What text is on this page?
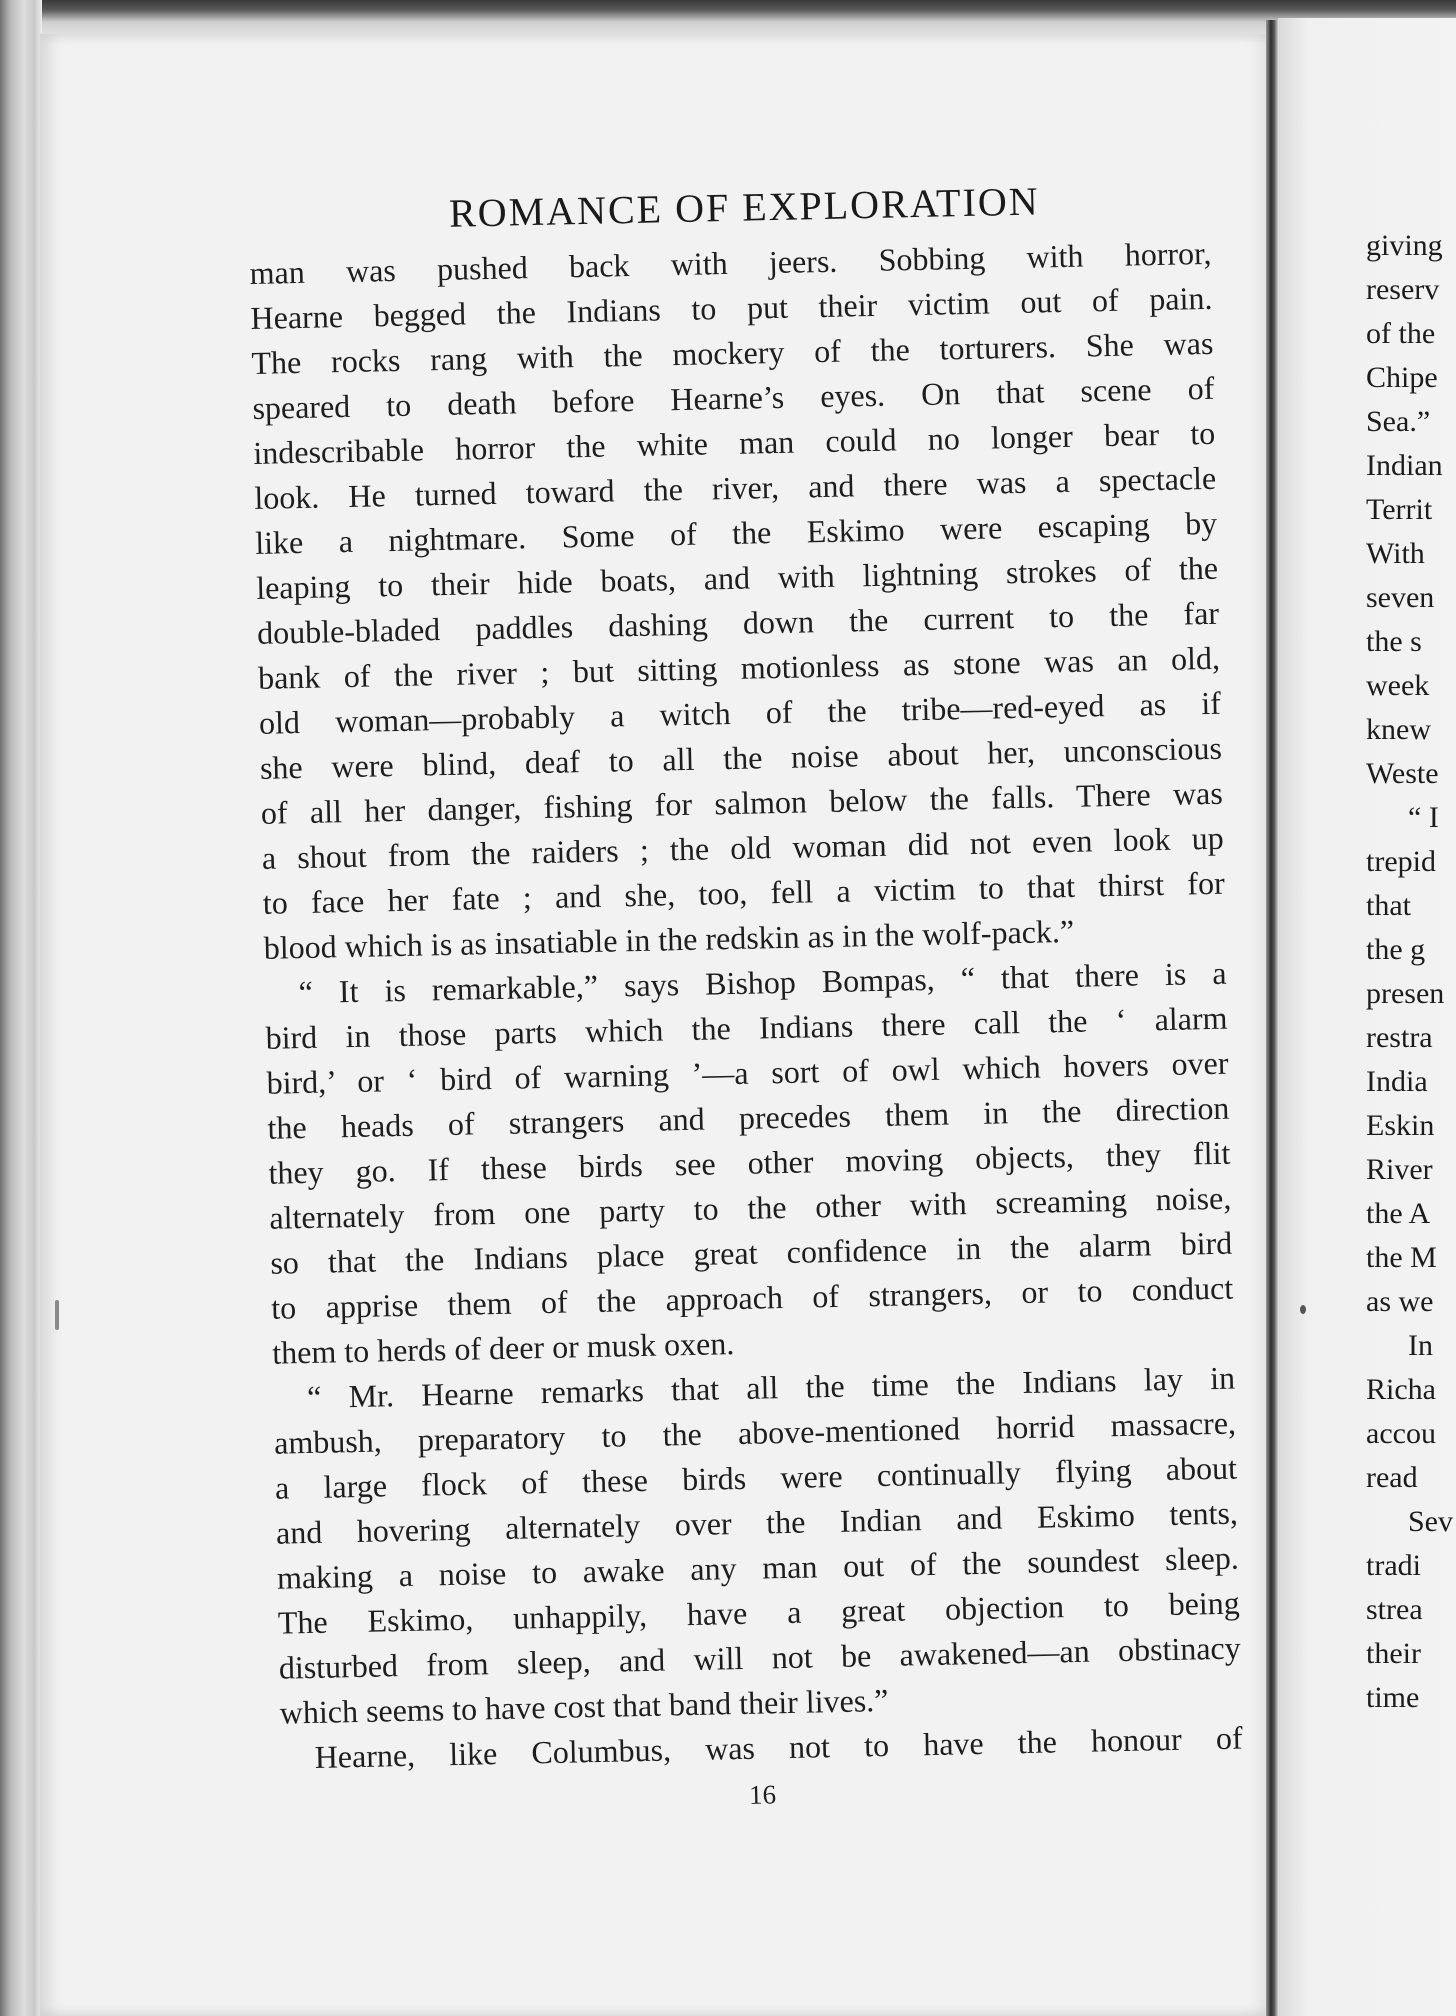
ROMANCE OF EXPLORATION
man was pushed back with jeers. Sobbing with horror,
Hearne begged the Indians to put their victim out of pain.
The rocks rang with the mockery of the torturers. She was
speared to death before Hearne’s eyes. On that scene of
indescribable horror the white man could no longer bear to
look. He turned toward the river, and there was a spectacle
like a nightmare. Some of the Eskimo were escaping by
leaping to their hide boats, and with lightning strokes of the
double-bladed paddles dashing down the current to the far
bank of the river ; but sitting motionless as stone was an old,
old woman—probably a witch of the tribe—red-eyed as if
she were blind, deaf to all the noise about her, unconscious
of all her danger, fishing for salmon below the falls. There was
a shout from the raiders ; the old woman did not even look up
to face her fate ; and she, too, fell a victim to that thirst for
blood which is as insatiable in the redskin as in the wolf-pack.”
“ It is remarkable,” says Bishop Bompas, “ that there is a
bird in those parts which the Indians there call the ‘ alarm
bird,’ or ‘ bird of warning ’—a sort of owl which hovers over
the heads of strangers and precedes them in the direction
they go. If these birds see other moving objects, they flit
alternately from one party to the other with screaming noise,
so that the Indians place great confidence in the alarm bird
to apprise them of the approach of strangers, or to conduct
them to herds of deer or musk oxen.
“ Mr. Hearne remarks that all the time the Indians lay in
ambush, preparatory to the above-mentioned horrid massacre,
a large flock of these birds were continually flying about
and hovering alternately over the Indian and Eskimo tents,
making a noise to awake any man out of the soundest sleep.
The Eskimo, unhappily, have a great objection to being
disturbed from sleep, and will not be awakened—an obstinacy
which seems to have cost that band their lives.”
Hearne, like Columbus, was not to have the honour of
16
giving
reserv
of the
Chipe
Sea.”
Indian
Territ
With
seven
the s
week
knew
Weste
“ I
trepid
that
the g
presen
restra
India
Eskin
River
the A
the M
as we
In
Richa
accou
read
Sev
tradi
strea
their
time
